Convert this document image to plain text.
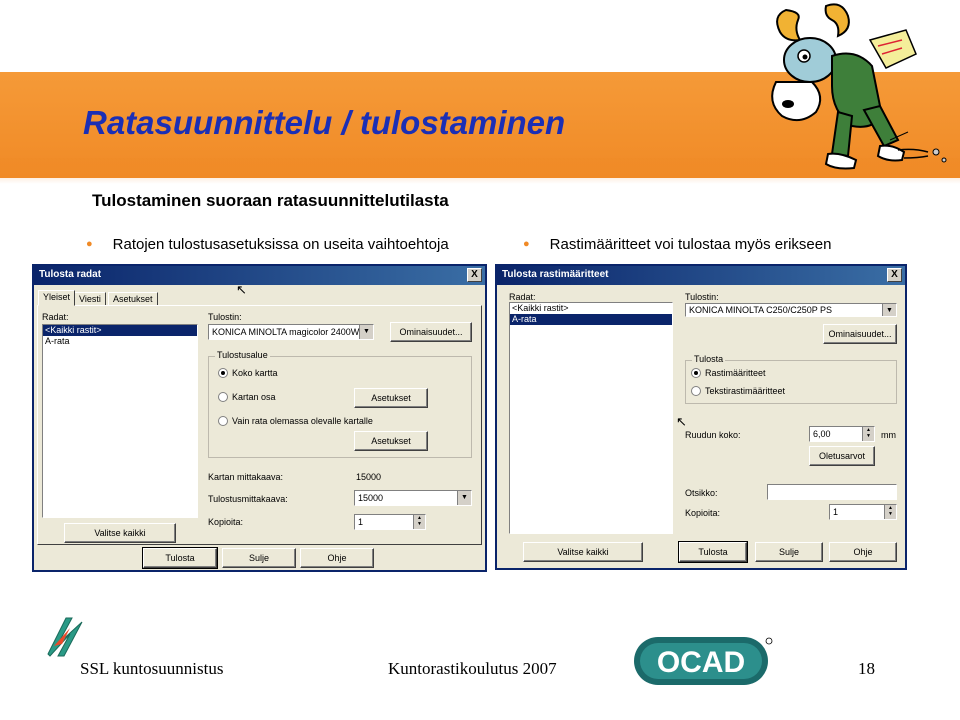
Ratasuunnittelu / tulostaminen
Tulostaminen suoraan ratasuunnittelutilasta
● Ratojen tulostusasetuksissa on useita vaihtoehtoja	● Rastimääritteet voi tulostaa myös erikseen
Tulosta radat	X
Yleiset Viesti	Asetukset
Radat:
<Kaikki rastit>
A-rata
Valitse kaikki
Tulostin:
KONICA MINOLTA magicolor 2400W ▼	Ominaisuudet...
Tulostusalue
Koko kartta
Kartan osa	Asetukset
Vain rata olemassa olevalle kartalle
Asetukset
Kartan mittakaava:	15000
Tulostusmittakaava:	15000	▼
Kopioita:	1	▲
▼
Tulosta	Sulje	Ohje
↖
Tulosta rastimääritteet	X
Radat:
<Kaikki rastit>
A-rata
Tulostin:
KONICA MINOLTA C250/C250P PS	▼
Ominaisuudet...
Tulosta
Rastimääritteet
Tekstirastimääritteet
Ruudun koko:	6,00	▲
▼	mm
Oletusarvot
Otsikko:
Kopioita:	1	▲
▼
Valitse kaikki	Tulosta	Sulje	Ohje
↖
SSL kuntosuunnistus	Kuntorastikoulutus 2007	18
OCAD
